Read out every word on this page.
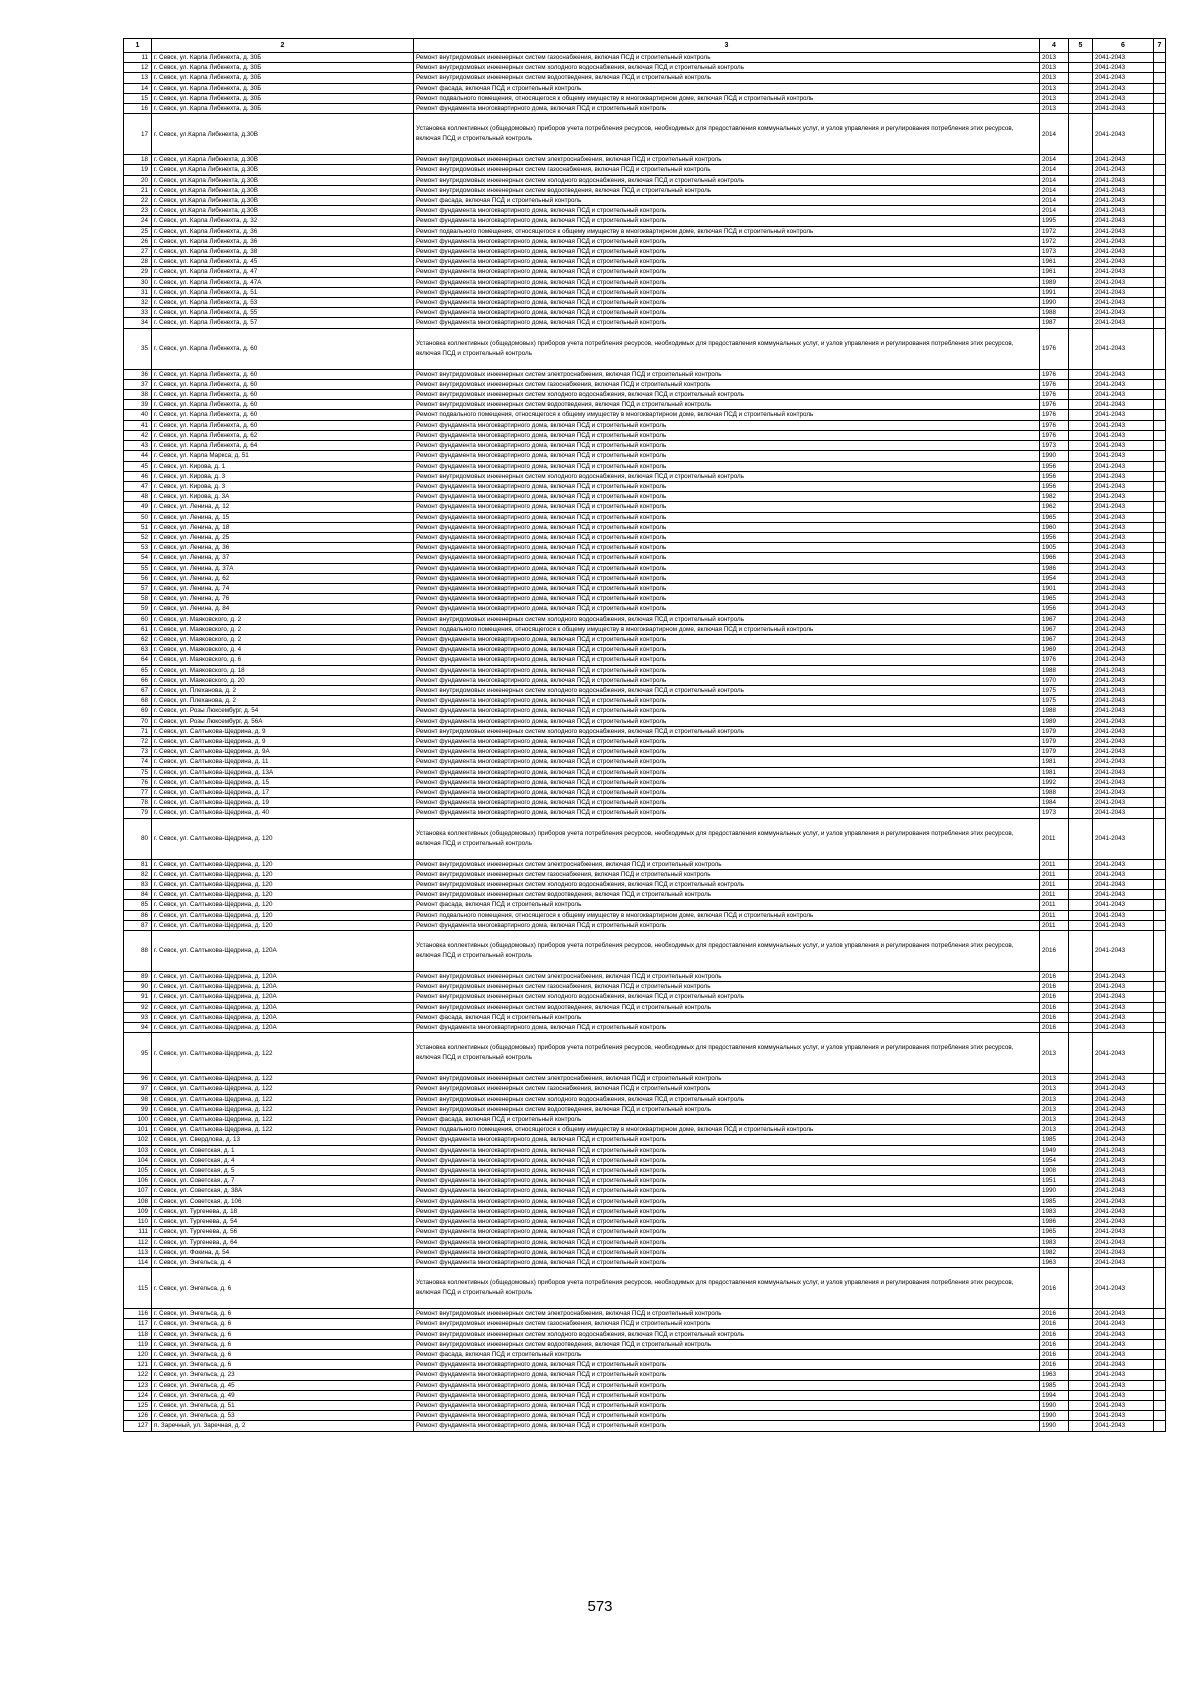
1	2	3	4	5	6	7
11	г. Севск, ул. Карла Либкнехта, д. 30Б	Ремонт внутридомовых инженерных систем газоснабжения, включая ПСД и строительный контроль	2013		2041-2043	
12	г. Севск, ул. Карла Либкнехта, д. 30Б	Ремонт внутридомовых инженерных систем холодного водоснабжения, включая ПСД и строительный контроль	2013		2041-2043	
13	г. Севск, ул. Карла Либкнехта, д. 30Б	Ремонт внутридомовых инженерных систем водоотведения, включая ПСД и строительный контроль	2013		2041-2043	
14	г. Севск, ул. Карла Либкнехта, д. 30Б	Ремонт фасада, включая ПСД и строительный контроль	2013		2041-2043	
15	г. Севск, ул. Карла Либкнехта, д. 30Б	Ремонт подвального помещения, относящегося к общему имуществу в многоквартирном доме, включая ПСД и строительный контроль	2013		2041-2043	
16	г. Севск, ул. Карла Либкнехта, д. 30Б	Ремонт фундамента многоквартирного дома, включая ПСД и строительный контроль	2013		2041-2043	
17	г. Севск, ул.Карла Либкнехта, д.30В	Установка коллективных (общедомовых) приборов учета потребления ресурсов, необходимых для предоставления коммунальных услуг, и узлов управления и регулирования потребления этих ресурсов, включая ПСД и строительный контроль	2014		2041-2043	
18	г. Севск, ул.Карла Либкнехта, д.30В	Ремонт внутридомовых инженерных систем электроснабжения, включая ПСД и строительный контроль	2014		2041-2043	
19	г. Севск, ул.Карла Либкнехта, д.30В	Ремонт внутридомовых инженерных систем газоснабжения, включая ПСД и строительный контроль	2014		2041-2043	
20	г. Севск, ул.Карла Либкнехта, д.30В	Ремонт внутридомовых инженерных систем холодного водоснабжения, включая ПСД и строительный контроль	2014		2041-2043	
21	г. Севск, ул.Карла Либкнехта, д.30В	Ремонт внутридомовых инженерных систем водоотведения, включая ПСД и строительный контроль	2014		2041-2043	
22	г. Севск, ул.Карла Либкнехта, д.30В	Ремонт фасада, включая ПСД и строительный контроль	2014		2041-2043	
23	г. Севск, ул.Карла Либкнехта, д.30В	Ремонт фундамента многоквартирного дома, включая ПСД и строительный контроль	2014		2041-2043	
24	г. Севск, ул. Карла Либкнехта, д. 32	Ремонт фундамента многоквартирного дома, включая ПСД и строительный контроль	1995		2041-2043	
25	г. Севск, ул. Карла Либкнехта, д. 36	Ремонт подвального помещения, относящегося к общему имуществу в многоквартирном доме, включая ПСД и строительный контроль	1972		2041-2043	
26	г. Севск, ул. Карла Либкнехта, д. 36	Ремонт фундамента многоквартирного дома, включая ПСД и строительный контроль	1972		2041-2043	
27	г. Севск, ул. Карла Либкнехта, д. 38	Ремонт фундамента многоквартирного дома, включая ПСД и строительный контроль	1973		2041-2043	
28	г. Севск, ул. Карла Либкнехта, д. 45	Ремонт фундамента многоквартирного дома, включая ПСД и строительный контроль	1961		2041-2043	
29	г. Севск, ул. Карла Либкнехта, д. 47	Ремонт фундамента многоквартирного дома, включая ПСД и строительный контроль	1961		2041-2043	
30	г. Севск, ул. Карла Либкнехта, д. 47А	Ремонт фундамента многоквартирного дома, включая ПСД и строительный контроль	1989		2041-2043	
31	г. Севск, ул. Карла Либкнехта, д. 51	Ремонт фундамента многоквартирного дома, включая ПСД и строительный контроль	1991		2041-2043	
32	г. Севск, ул. Карла Либкнехта, д. 53	Ремонт фундамента многоквартирного дома, включая ПСД и строительный контроль	1990		2041-2043	
33	г. Севск, ул. Карла Либкнехта, д. 55	Ремонт фундамента многоквартирного дома, включая ПСД и строительный контроль	1988		2041-2043	
34	г. Севск, ул. Карла Либкнехта, д. 57	Ремонт фундамента многоквартирного дома, включая ПСД и строительный контроль	1987		2041-2043	
35	г. Севск, ул. Карла Либкнехта, д. 60	Установка коллективных (общедомовых) приборов учета потребления ресурсов, необходимых для предоставления коммунальных услуг, и узлов управления и регулирования потребления этих ресурсов, включая ПСД и строительный контроль	1976		2041-2043	
36	г. Севск, ул. Карла Либкнехта, д. 60	Ремонт внутридомовых инженерных систем электроснабжения, включая ПСД и строительный контроль	1976		2041-2043	
37	г. Севск, ул. Карла Либкнехта, д. 60	Ремонт внутридомовых инженерных систем газоснабжения, включая ПСД и строительный контроль	1976		2041-2043	
38	г. Севск, ул. Карла Либкнехта, д. 60	Ремонт внутридомовых инженерных систем холодного водоснабжения, включая ПСД и строительный контроль	1976		2041-2043	
39	г. Севск, ул. Карла Либкнехта, д. 60	Ремонт внутридомовых инженерных систем водоотведения, включая ПСД и строительный контроль	1976		2041-2043	
40	г. Севск, ул. Карла Либкнехта, д. 60	Ремонт подвального помещения, относящегося к общему имуществу в многоквартирном доме, включая ПСД и строительный контроль	1976		2041-2043	
41	г. Севск, ул. Карла Либкнехта, д. 60	Ремонт фундамента многоквартирного дома, включая ПСД и строительный контроль	1976		2041-2043	
42	г. Севск, ул. Карла Либкнехта, д. 62	Ремонт фундамента многоквартирного дома, включая ПСД и строительный контроль	1976		2041-2043	
43	г. Севск, ул. Карла Либкнехта, д. 64	Ремонт фундамента многоквартирного дома, включая ПСД и строительный контроль	1973		2041-2043	
44	г. Севск, ул. Карла Маркса, д. 51	Ремонт фундамента многоквартирного дома, включая ПСД и строительный контроль	1990		2041-2043	
45	г. Севск, ул. Кирова, д. 1	Ремонт фундамента многоквартирного дома, включая ПСД и строительный контроль	1956		2041-2043	
46	г. Севск, ул. Кирова, д. 3	Ремонт внутридомовых инженерных систем холодного водоснабжения, включая ПСД и строительный контроль	1956		2041-2043	
47	г. Севск, ул. Кирова, д. 3	Ремонт фундамента многоквартирного дома, включая ПСД и строительный контроль	1956		2041-2043	
48	г. Севск, ул. Кирова, д. 3А	Ремонт фундамента многоквартирного дома, включая ПСД и строительный контроль	1982		2041-2043	
49	г. Севск, ул. Ленина, д. 12	Ремонт фундамента многоквартирного дома, включая ПСД и строительный контроль	1962		2041-2043	
50	г. Севск, ул. Ленина, д. 15	Ремонт фундамента многоквартирного дома, включая ПСД и строительный контроль	1965		2041-2043	
51	г. Севск, ул. Ленина, д. 18	Ремонт фундамента многоквартирного дома, включая ПСД и строительный контроль	1960		2041-2043	
52	г. Севск, ул. Ленина, д. 25	Ремонт фундамента многоквартирного дома, включая ПСД и строительный контроль	1956		2041-2043	
53	г. Севск, ул. Ленина, д. 36	Ремонт фундамента многоквартирного дома, включая ПСД и строительный контроль	1905		2041-2043	
54	г. Севск, ул. Ленина, д. 37	Ремонт фундамента многоквартирного дома, включая ПСД и строительный контроль	1966		2041-2043	
55	г. Севск, ул. Ленина, д. 37А	Ремонт фундамента многоквартирного дома, включая ПСД и строительный контроль	1986		2041-2043	
56	г. Севск, ул. Ленина, д. 62	Ремонт фундамента многоквартирного дома, включая ПСД и строительный контроль	1954		2041-2043	
57	г. Севск, ул. Ленина, д. 74	Ремонт фундамента многоквартирного дома, включая ПСД и строительный контроль	1901		2041-2043	
58	г. Севск, ул. Ленина, д. 76	Ремонт фундамента многоквартирного дома, включая ПСД и строительный контроль	1965		2041-2043	
59	г. Севск, ул. Ленина, д. 84	Ремонт фундамента многоквартирного дома, включая ПСД и строительный контроль	1956		2041-2043	
60	г. Севск, ул. Маяковского, д. 2	Ремонт внутридомовых инженерных систем холодного водоснабжения, включая ПСД и строительный контроль	1967		2041-2043	
61	г. Севск, ул. Маяковского, д. 2	Ремонт подвального помещения, относящегося к общему имуществу в многоквартирном доме, включая ПСД и строительный контроль	1967		2041-2043	
62	г. Севск, ул. Маяковского, д. 2	Ремонт фундамента многоквартирного дома, включая ПСД и строительный контроль	1967		2041-2043	
63	г. Севск, ул. Маяковского, д. 4	Ремонт фундамента многоквартирного дома, включая ПСД и строительный контроль	1969		2041-2043	
64	г. Севск, ул. Маяковского, д. 6	Ремонт фундамента многоквартирного дома, включая ПСД и строительный контроль	1976		2041-2043	
65	г. Севск, ул. Маяковского, д. 18	Ремонт фундамента многоквартирного дома, включая ПСД и строительный контроль	1988		2041-2043	
66	г. Севск, ул. Маяковского, д. 20	Ремонт фундамента многоквартирного дома, включая ПСД и строительный контроль	1970		2041-2043	
67	г. Севск, ул. Плеханова, д. 2	Ремонт внутридомовых инженерных систем холодного водоснабжения, включая ПСД и строительный контроль	1975		2041-2043	
68	г. Севск, ул. Плеханова, д. 2	Ремонт фундамента многоквартирного дома, включая ПСД и строительный контроль	1975		2041-2043	
69	г. Севск, ул. Розы Люксембург, д. 54	Ремонт фундамента многоквартирного дома, включая ПСД и строительный контроль	1988		2041-2043	
70	г. Севск, ул. Розы Люксембург, д. 56А	Ремонт фундамента многоквартирного дома, включая ПСД и строительный контроль	1989		2041-2043	
71	г. Севск, ул. Салтыкова-Щедрина, д. 9	Ремонт внутридомовых инженерных систем холодного водоснабжения, включая ПСД и строительный контроль	1979		2041-2043	
72	г. Севск, ул. Салтыкова-Щедрина, д. 9	Ремонт фундамента многоквартирного дома, включая ПСД и строительный контроль	1979		2041-2043	
73	г. Севск, ул. Салтыкова-Щедрина, д. 9А	Ремонт фундамента многоквартирного дома, включая ПСД и строительный контроль	1979		2041-2043	
74	г. Севск, ул. Салтыкова-Щедрина, д. 11	Ремонт фундамента многоквартирного дома, включая ПСД и строительный контроль	1981		2041-2043	
75	г. Севск, ул. Салтыкова-Щедрина, д. 13А	Ремонт фундамента многоквартирного дома, включая ПСД и строительный контроль	1981		2041-2043	
76	г. Севск, ул. Салтыкова-Щедрина, д. 15	Ремонт фундамента многоквартирного дома, включая ПСД и строительный контроль	1992		2041-2043	
77	г. Севск, ул. Салтыкова-Щедрина, д. 17	Ремонт фундамента многоквартирного дома, включая ПСД и строительный контроль	1988		2041-2043	
78	г. Севск, ул. Салтыкова-Щедрина, д. 19	Ремонт фундамента многоквартирного дома, включая ПСД и строительный контроль	1984		2041-2043	
79	г. Севск, ул. Салтыкова-Щедрина, д. 40	Ремонт фундамента многоквартирного дома, включая ПСД и строительный контроль	1973		2041-2043	
80	г. Севск, ул. Салтыкова-Щедрина, д. 120	Установка коллективных (общедомовых) приборов учета потребления ресурсов, необходимых для предоставления коммунальных услуг, и узлов управления и регулирования потребления этих ресурсов, включая ПСД и строительный контроль	2011		2041-2043	
81	г. Севск, ул. Салтыкова-Щедрина, д. 120	Ремонт внутридомовых инженерных систем электроснабжения, включая ПСД и строительный контроль	2011		2041-2043	
82	г. Севск, ул. Салтыкова-Щедрина, д. 120	Ремонт внутридомовых инженерных систем газоснабжения, включая ПСД и строительный контроль	2011		2041-2043	
83	г. Севск, ул. Салтыкова-Щедрина, д. 120	Ремонт внутридомовых инженерных систем холодного водоснабжения, включая ПСД и строительный контроль	2011		2041-2043	
84	г. Севск, ул. Салтыкова-Щедрина, д. 120	Ремонт внутридомовых инженерных систем водоотведения, включая ПСД и строительный контроль	2011		2041-2043	
85	г. Севск, ул. Салтыкова-Щедрина, д. 120	Ремонт фасада, включая ПСД и строительный контроль	2011		2041-2043	
86	г. Севск, ул. Салтыкова-Щедрина, д. 120	Ремонт подвального помещения, относящегося к общему имуществу в многоквартирном доме, включая ПСД и строительный контроль	2011		2041-2043	
87	г. Севск, ул. Салтыкова-Щедрина, д. 120	Ремонт фундамента многоквартирного дома, включая ПСД и строительный контроль	2011		2041-2043	
88	г. Севск, ул. Салтыкова-Щедрина, д. 120А	Установка коллективных (общедомовых) приборов учета потребления ресурсов, необходимых для предоставления коммунальных услуг, и узлов управления и регулирования потребления этих ресурсов, включая ПСД и строительный контроль	2016		2041-2043	
89	г. Севск, ул. Салтыкова-Щедрина, д. 120А	Ремонт внутридомовых инженерных систем электроснабжения, включая ПСД и строительный контроль	2016		2041-2043	
90	г. Севск, ул. Салтыкова-Щедрина, д. 120А	Ремонт внутридомовых инженерных систем газоснабжения, включая ПСД и строительный контроль	2016		2041-2043	
91	г. Севск, ул. Салтыкова-Щедрина, д. 120А	Ремонт внутридомовых инженерных систем холодного водоснабжения, включая ПСД и строительный контроль	2016		2041-2043	
92	г. Севск, ул. Салтыкова-Щедрина, д. 120А	Ремонт внутридомовых инженерных систем водоотведения, включая ПСД и строительный контроль	2016		2041-2043	
93	г. Севск, ул. Салтыкова-Щедрина, д. 120А	Ремонт фасада, включая ПСД и строительный контроль	2016		2041-2043	
94	г. Севск, ул. Салтыкова-Щедрина, д. 120А	Ремонт фундамента многоквартирного дома, включая ПСД и строительный контроль	2016		2041-2043	
95	г. Севск, ул. Салтыкова-Щедрина, д. 122	Установка коллективных (общедомовых) приборов учета потребления ресурсов, необходимых для предоставления коммунальных услуг, и узлов управления и регулирования потребления этих ресурсов, включая ПСД и строительный контроль	2013		2041-2043	
96	г. Севск, ул. Салтыкова-Щедрина, д. 122	Ремонт внутридомовых инженерных систем электроснабжения, включая ПСД и строительный контроль	2013		2041-2043	
97	г. Севск, ул. Салтыкова-Щедрина, д. 122	Ремонт внутридомовых инженерных систем газоснабжения, включая ПСД и строительный контроль	2013		2041-2043	
98	г. Севск, ул. Салтыкова-Щедрина, д. 122	Ремонт внутридомовых инженерных систем холодного водоснабжения, включая ПСД и строительный контроль	2013		2041-2043	
99	г. Севск, ул. Салтыкова-Щедрина, д. 122	Ремонт внутридомовых инженерных систем водоотведения, включая ПСД и строительный контроль	2013		2041-2043	
100	г. Севск, ул. Салтыкова-Щедрина, д. 122	Ремонт фасада, включая ПСД и строительный контроль	2013		2041-2043	
101	г. Севск, ул. Салтыкова-Щедрина, д. 122	Ремонт подвального помещения, относящегося к общему имуществу в многоквартирном доме, включая ПСД и строительный контроль	2013		2041-2043	
102	г. Севск, ул. Свердлова, д. 13	Ремонт фундамента многоквартирного дома, включая ПСД и строительный контроль	1985		2041-2043	
103	г. Севск, ул. Советская, д. 1	Ремонт фундамента многоквартирного дома, включая ПСД и строительный контроль	1949		2041-2043	
104	г. Севск, ул. Советская, д. 4	Ремонт фундамента многоквартирного дома, включая ПСД и строительный контроль	1954		2041-2043	
105	г. Севск, ул. Советская, д. 5	Ремонт фундамента многоквартирного дома, включая ПСД и строительный контроль	1908		2041-2043	
106	г. Севск, ул. Советская, д. 7	Ремонт фундамента многоквартирного дома, включая ПСД и строительный контроль	1951		2041-2043	
107	г. Севск, ул. Советская, д. 38А	Ремонт фундамента многоквартирного дома, включая ПСД и строительный контроль	1990		2041-2043	
108	г. Севск, ул. Советская, д. 106	Ремонт фундамента многоквартирного дома, включая ПСД и строительный контроль	1985		2041-2043	
109	г. Севск, ул. Тургенева, д. 18	Ремонт фундамента многоквартирного дома, включая ПСД и строительный контроль	1983		2041-2043	
110	г. Севск, ул. Тургенева, д. 54	Ремонт фундамента многоквартирного дома, включая ПСД и строительный контроль	1986		2041-2043	
111	г. Севск, ул. Тургенева, д. 56	Ремонт фундамента многоквартирного дома, включая ПСД и строительный контроль	1965		2041-2043	
112	г. Севск, ул. Тургенева, д. 64	Ремонт фундамента многоквартирного дома, включая ПСД и строительный контроль	1983		2041-2043	
113	г. Севск, ул. Фокина, д. 54	Ремонт фундамента многоквартирного дома, включая ПСД и строительный контроль	1982		2041-2043	
114	г. Севск, ул. Энгельса, д. 4	Ремонт фундамента многоквартирного дома, включая ПСД и строительный контроль	1963		2041-2043	
115	г. Севск, ул. Энгельса, д. 6	Установка коллективных (общедомовых) приборов учета потребления ресурсов, необходимых для предоставления коммунальных услуг, и узлов управления и регулирования потребления этих ресурсов, включая ПСД и строительный контроль	2016		2041-2043	
116	г. Севск, ул. Энгельса, д. 6	Ремонт внутридомовых инженерных систем электроснабжения, включая ПСД и строительный контроль	2016		2041-2043	
117	г. Севск, ул. Энгельса, д. 6	Ремонт внутридомовых инженерных систем газоснабжения, включая ПСД и строительный контроль	2016		2041-2043	
118	г. Севск, ул. Энгельса, д. 6	Ремонт внутридомовых инженерных систем холодного водоснабжения, включая ПСД и строительный контроль	2016		2041-2043	
119	г. Севск, ул. Энгельса, д. 6	Ремонт внутридомовых инженерных систем водоотведения, включая ПСД и строительный контроль	2016		2041-2043	
120	г. Севск, ул. Энгельса, д. 6	Ремонт фасада, включая ПСД и строительный контроль	2016		2041-2043	
121	г. Севск, ул. Энгельса, д. 6	Ремонт фундамента многоквартирного дома, включая ПСД и строительный контроль	2016		2041-2043	
122	г. Севск, ул. Энгельса, д. 23	Ремонт фундамента многоквартирного дома, включая ПСД и строительный контроль	1963		2041-2043	
123	г. Севск, ул. Энгельса, д. 45	Ремонт фундамента многоквартирного дома, включая ПСД и строительный контроль	1985		2041-2043	
124	г. Севск, ул. Энгельса, д. 49	Ремонт фундамента многоквартирного дома, включая ПСД и строительный контроль	1994		2041-2043	
125	г. Севск, ул. Энгельса, д. 51	Ремонт фундамента многоквартирного дома, включая ПСД и строительный контроль	1990		2041-2043	
126	г. Севск, ул. Энгельса, д. 53	Ремонт фундамента многоквартирного дома, включая ПСД и строительный контроль	1990		2041-2043	
127	п. Заречный, ул. Заречная, д. 2	Ремонт фундамента многоквартирного дома, включая ПСД и строительный контроль	1990		2041-2043	
573
